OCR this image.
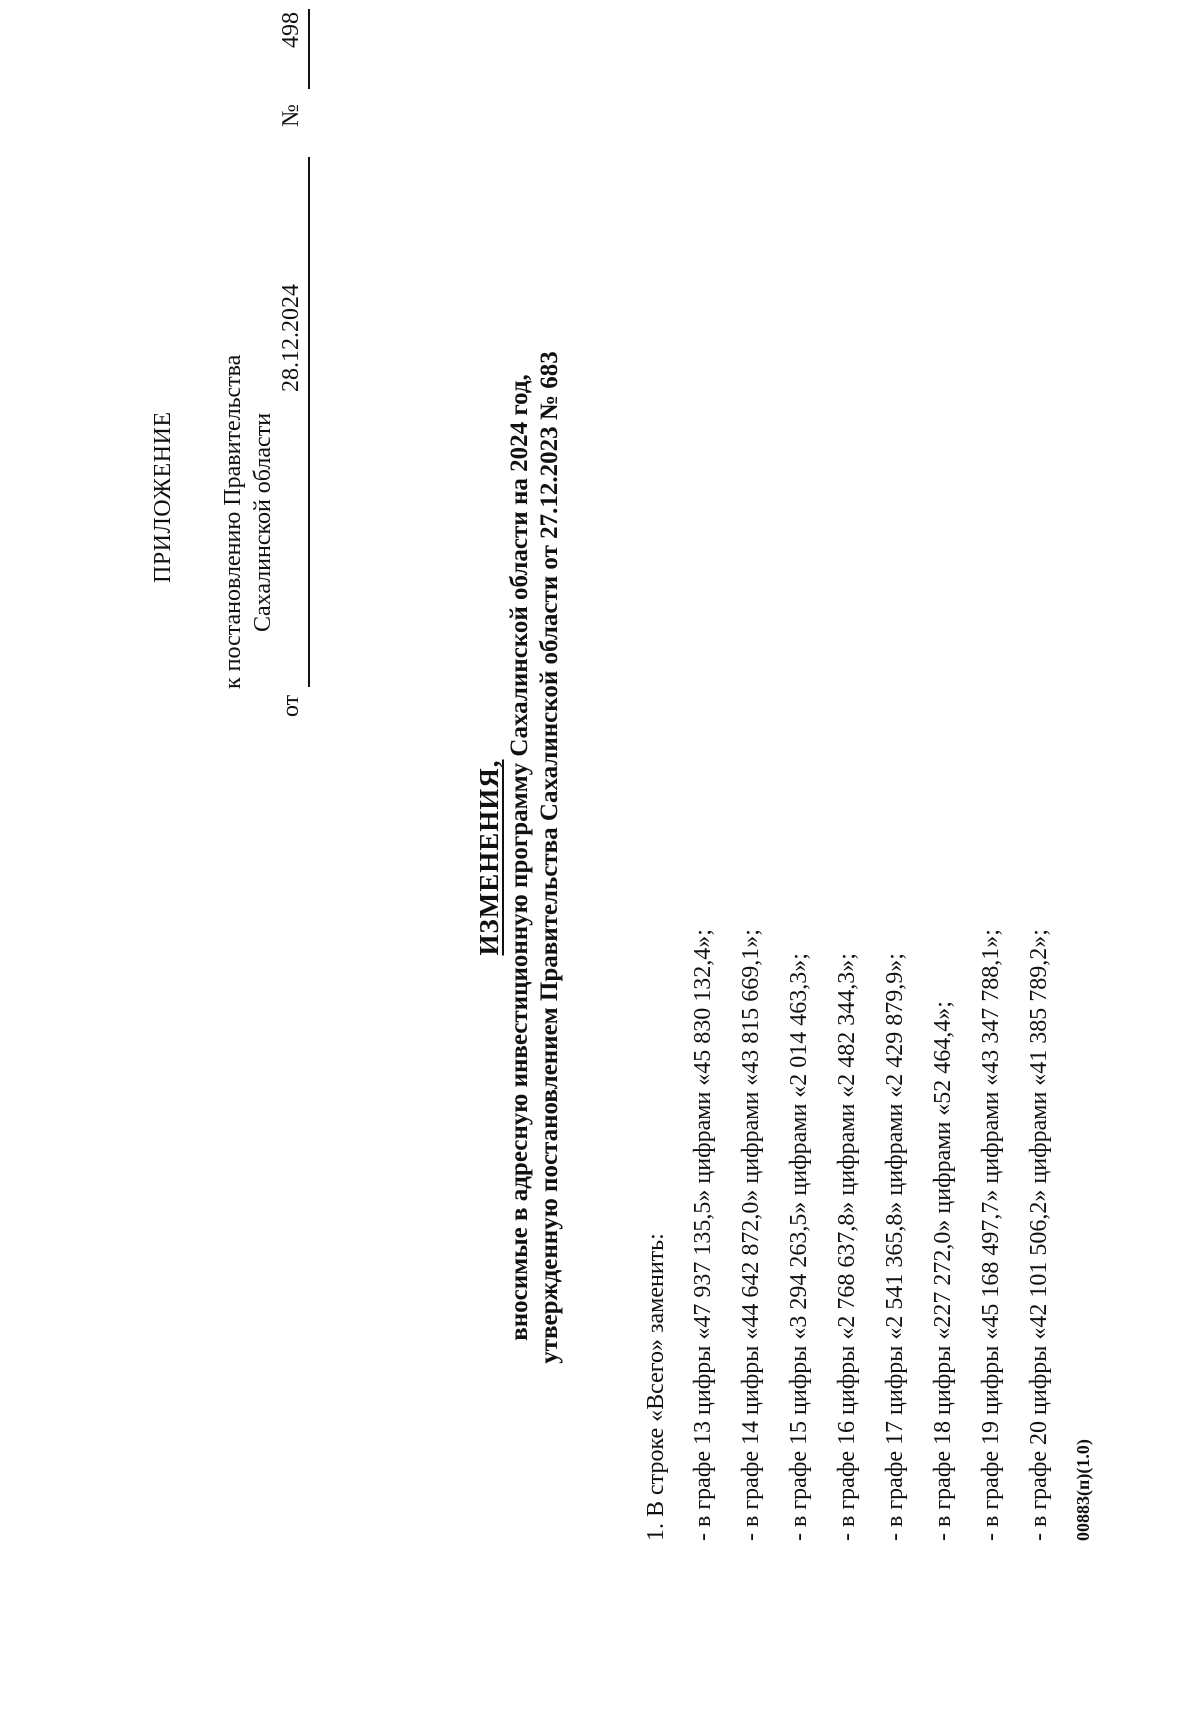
ПРИЛОЖЕНИЕ к постановлению Правительства Сахалинской области
от
28.12.2024
№
498
ИЗМЕНЕНИЯ, вносимые в адресную инвестиционную программу Сахалинской области на 2024 год, утвержденную постановлением Правительства Сахалинской области от 27.12.2023 № 683
1. В строке «Всего» заменить: - в графе 13 цифры «47 937 135,5» цифрами «45 830 132,4»; - в графе 14 цифры «44 642 872,0» цифрами «43 815 669,1»; - в графе 15 цифры «3 294 263,5» цифрами «2 014 463,3»; - в графе 16 цифры «2 768 637,8» цифрами «2 482 344,3»; - в графе 17 цифры «2 541 365,8» цифрами «2 429 879,9»; - в графе 18 цифры «227 272,0» цифрами «52 464,4»; - в графе 19 цифры «45 168 497,7» цифрами «43 347 788,1»; - в графе 20 цифры «42 101 506,2» цифрами «41 385 789,2»; 00883(п)(1.0)
